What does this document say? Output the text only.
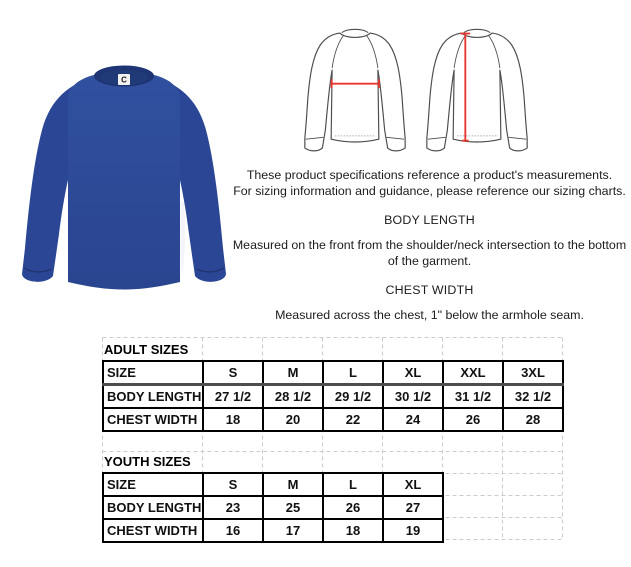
C
These product specifications reference a product's measurements.
For sizing information and guidance, please reference our sizing charts.
BODY LENGTH
Measured on the front from the shoulder/neck intersection to the bottom of the garment.
CHEST WIDTH
Measured across the chest, 1" below the armhole seam.
ADULT SIZES
SIZE	S	M	L	XL	XXL	3XL
BODY LENGTH	27 1/2	28 1/2	29 1/2	30 1/2	31 1/2	32 1/2
CHEST WIDTH	18	20	22	24	26	28
YOUTH SIZES
SIZE	S	M	L	XL
BODY LENGTH	23	25	26	27
CHEST WIDTH	16	17	18	19
